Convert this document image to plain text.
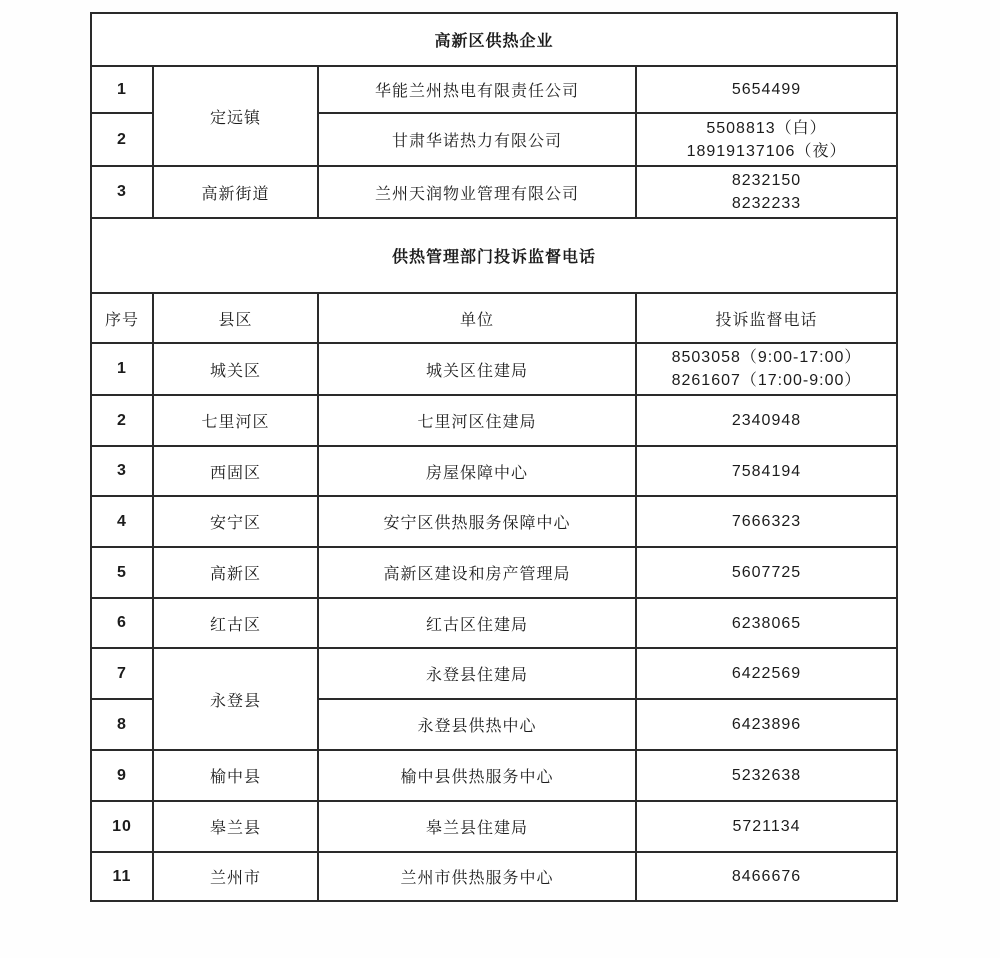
高新区供热企业			
1	定远镇	华能兰州热电有限责任公司	5654499

2		甘肃华诺热力有限公司	5508813（白）
18919137106（夜）

3	高新街道	兰州天润物业管理有限公司	8232150
8232233

供热管理部门投诉监督电话			
序号	县区	单位	投诉监督电话
1	城关区	城关区住建局	8503058（9:00-17:00）
8261607（17:00-9:00）

2	七里河区	七里河区住建局	2340948

3	西固区	房屋保障中心	7584194

4	安宁区	安宁区供热服务保障中心	7666323

5	高新区	高新区建设和房产管理局	5607725

6	红古区	红古区住建局	6238065

7	永登县	永登县住建局	6422569

8		永登县供热中心	6423896

9	榆中县	榆中县供热服务中心	5232638

10	皋兰县	皋兰县住建局	5721134

11	兰州市	兰州市供热服务中心	8466676
